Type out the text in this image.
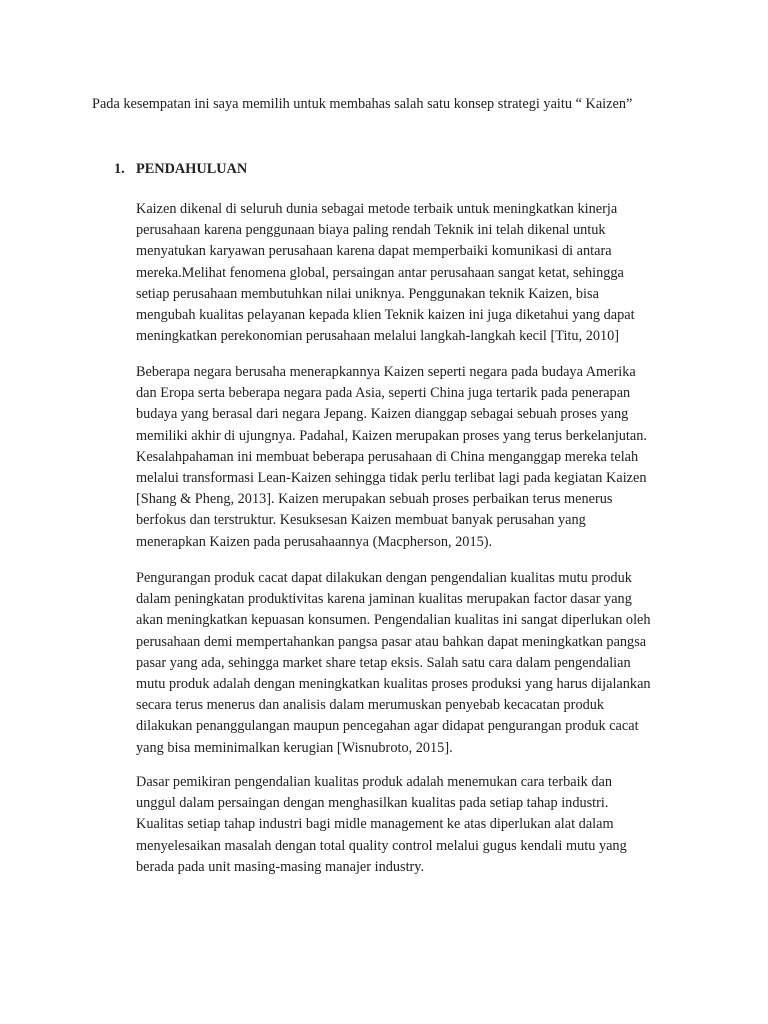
Pada kesempatan ini saya memilih untuk membahas salah satu konsep strategi yaitu “ Kaizen”
1. PENDAHULUAN
Kaizen dikenal di seluruh dunia sebagai metode terbaik untuk meningkatkan kinerja
perusahaan karena penggunaan biaya paling rendah Teknik ini telah dikenal untuk
menyatukan karyawan perusahaan karena dapat memperbaiki komunikasi di antara
mereka.Melihat fenomena global, persaingan antar perusahaan sangat ketat, sehingga
setiap perusahaan membutuhkan nilai uniknya. Penggunakan teknik Kaizen, bisa
mengubah kualitas pelayanan kepada klien Teknik kaizen ini juga diketahui yang dapat
meningkatkan perekonomian perusahaan melalui langkah-langkah kecil [Titu, 2010]
Beberapa negara berusaha menerapkannya Kaizen seperti negara pada budaya Amerika
dan Eropa serta beberapa negara pada Asia, seperti China juga tertarik pada penerapan
budaya yang berasal dari negara Jepang. Kaizen dianggap sebagai sebuah proses yang
memiliki akhir di ujungnya. Padahal, Kaizen merupakan proses yang terus berkelanjutan.
Kesalahpahaman ini membuat beberapa perusahaan di China menganggap mereka telah
melalui transformasi Lean-Kaizen sehingga tidak perlu terlibat lagi pada kegiatan Kaizen
[Shang & Pheng, 2013]. Kaizen merupakan sebuah proses perbaikan terus menerus
berfokus dan terstruktur. Kesuksesan Kaizen membuat banyak perusahan yang
menerapkan Kaizen pada perusahaannya (Macpherson, 2015).
Pengurangan produk cacat dapat dilakukan dengan pengendalian kualitas mutu produk
dalam peningkatan produktivitas karena jaminan kualitas merupakan factor dasar yang
akan meningkatkan kepuasan konsumen. Pengendalian kualitas ini sangat diperlukan oleh
perusahaan demi mempertahankan pangsa pasar atau bahkan dapat meningkatkan pangsa
pasar yang ada, sehingga market share tetap eksis. Salah satu cara dalam pengendalian
mutu produk adalah dengan meningkatkan kualitas proses produksi yang harus dijalankan
secara terus menerus dan analisis dalam merumuskan penyebab kecacatan produk
dilakukan penanggulangan maupun pencegahan agar didapat pengurangan produk cacat
yang bisa meminimalkan kerugian [Wisnubroto, 2015].
Dasar pemikiran pengendalian kualitas produk adalah menemukan cara terbaik dan
unggul dalam persaingan dengan menghasilkan kualitas pada setiap tahap industri.
Kualitas setiap tahap industri bagi midle management ke atas diperlukan alat dalam
menyelesaikan masalah dengan total quality control melalui gugus kendali mutu yang
berada pada unit masing-masing manajer industry.
